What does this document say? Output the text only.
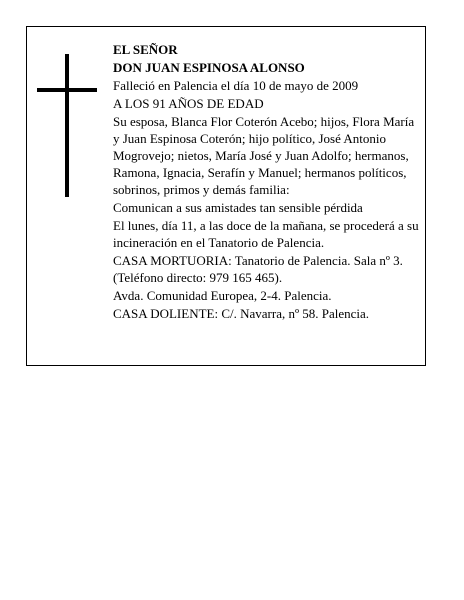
EL SEÑOR
DON JUAN ESPINOSA ALONSO
Falleció en Palencia el día 10 de mayo de 2009
A LOS 91 AÑOS DE EDAD
Su esposa, Blanca Flor Coterón Acebo; hijos, Flora María y Juan Espinosa Coterón; hijo político, José Antonio Mogrovejo; nietos, María José y Juan Adolfo; hermanos, Ramona, Ignacia, Serafín y Manuel; hermanos políticos, sobrinos, primos y demás familia:
Comunican a sus amistades tan sensible pérdida
El lunes, día 11, a las doce de la mañana, se procederá a su incineración en el Tanatorio de Palencia.
CASA MORTUORIA: Tanatorio de Palencia. Sala nº 3. (Teléfono directo: 979 165 465).
Avda. Comunidad Europea, 2-4. Palencia.
CASA DOLIENTE: C/. Navarra, nº 58. Palencia.
